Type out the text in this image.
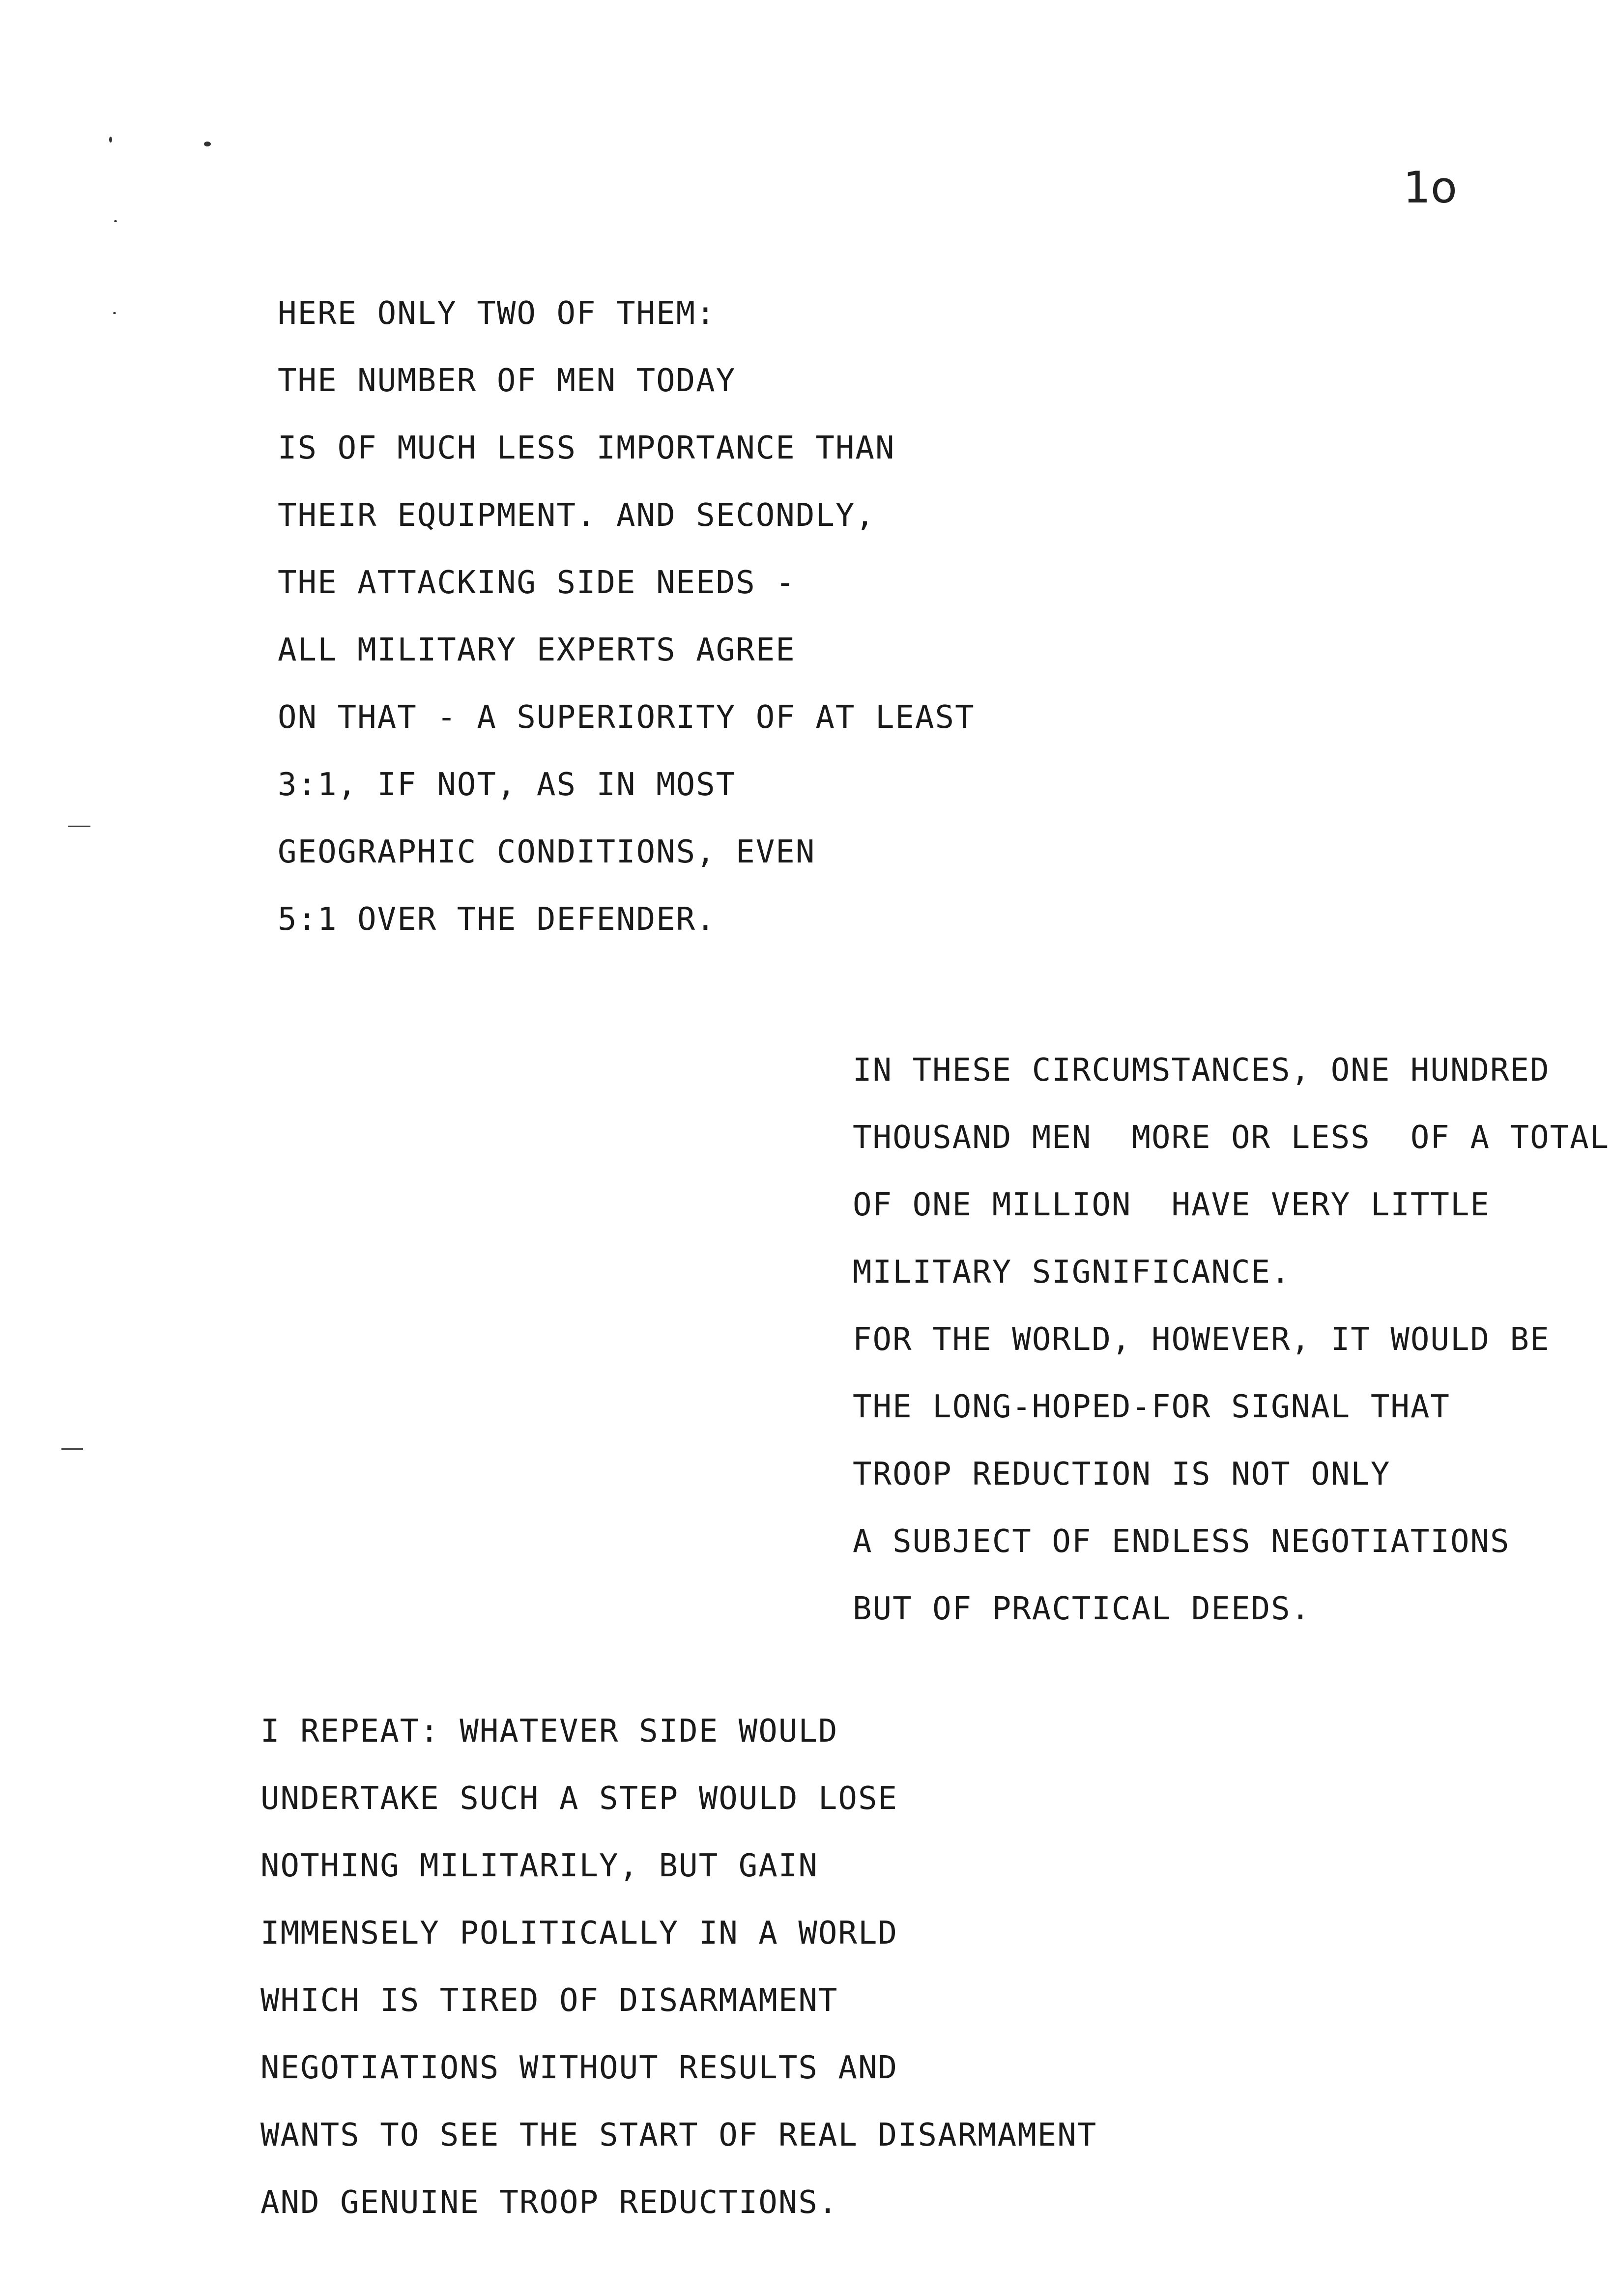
1o
HERE ONLY TWO OF THEM:
THE NUMBER OF MEN TODAY
IS OF MUCH LESS IMPORTANCE THAN
THEIR EQUIPMENT. AND SECONDLY,
THE ATTACKING SIDE NEEDS -
ALL MILITARY EXPERTS AGREE
ON THAT - A SUPERIORITY OF AT LEAST
3:1, IF NOT, AS IN MOST
GEOGRAPHIC CONDITIONS, EVEN
5:1 OVER THE DEFENDER.
IN THESE CIRCUMSTANCES, ONE HUNDRED
THOUSAND MEN  MORE OR LESS  OF A TOTAL
OF ONE MILLION  HAVE VERY LITTLE
MILITARY SIGNIFICANCE.
FOR THE WORLD, HOWEVER, IT WOULD BE
THE LONG-HOPED-FOR SIGNAL THAT
TROOP REDUCTION IS NOT ONLY
A SUBJECT OF ENDLESS NEGOTIATIONS
BUT OF PRACTICAL DEEDS.
I REPEAT: WHATEVER SIDE WOULD
UNDERTAKE SUCH A STEP WOULD LOSE
NOTHING MILITARILY, BUT GAIN
IMMENSELY POLITICALLY IN A WORLD
WHICH IS TIRED OF DISARMAMENT
NEGOTIATIONS WITHOUT RESULTS AND
WANTS TO SEE THE START OF REAL DISARMAMENT
AND GENUINE TROOP REDUCTIONS.
